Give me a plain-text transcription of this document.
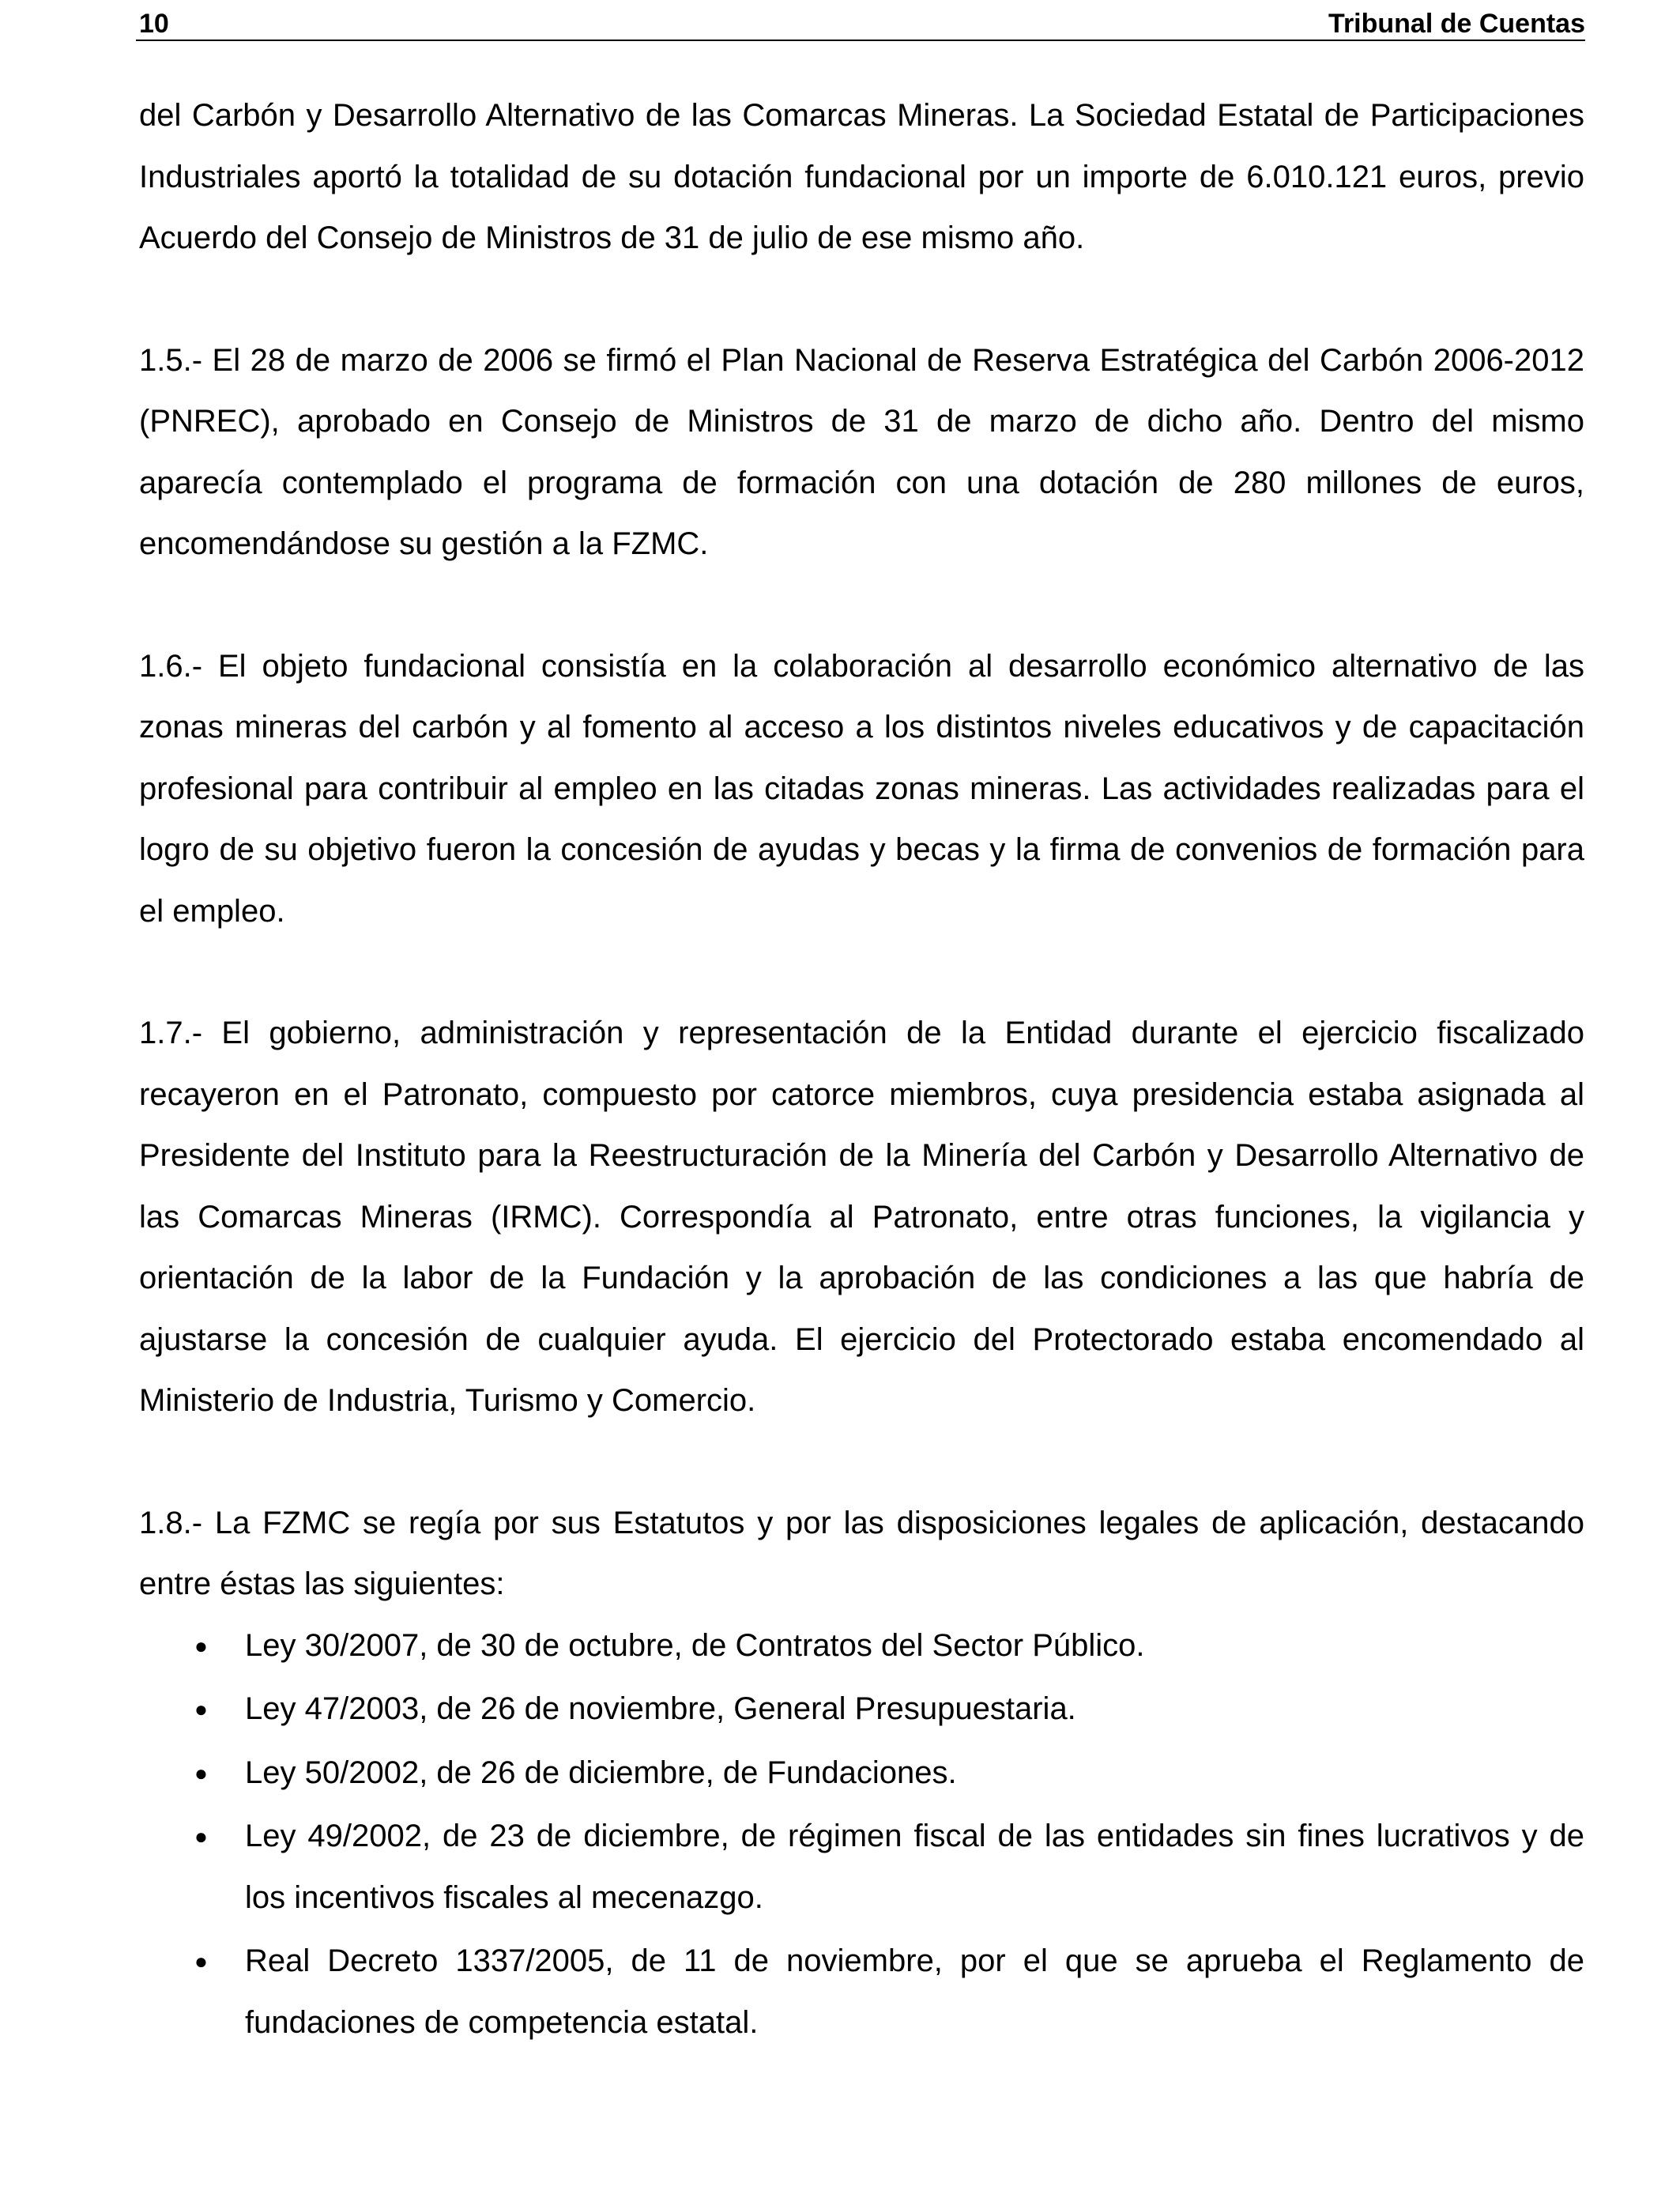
10	Tribunal de Cuentas

del Carbón y Desarrollo Alternativo de las Comarcas Mineras. La Sociedad Estatal de Participaciones Industriales aportó la totalidad de su dotación fundacional por un importe de 6.010.121 euros, previo Acuerdo del Consejo de Ministros de 31 de julio de ese mismo año.

1.5.- El 28 de marzo de 2006 se firmó el Plan Nacional de Reserva Estratégica del Carbón 2006-2012 (PNREC), aprobado en Consejo de Ministros de 31 de marzo de dicho año. Dentro del mismo aparecía contemplado el programa de formación con una dotación de 280 millones de euros, encomendándose su gestión a la FZMC.

1.6.- El objeto fundacional consistía en la colaboración al desarrollo económico alternativo de las zonas mineras del carbón y al fomento al acceso a los distintos niveles educativos y de capacitación profesional para contribuir al empleo en las citadas zonas mineras. Las actividades realizadas para el logro de su objetivo fueron la concesión de ayudas y becas y la firma de convenios de formación para el empleo.

1.7.- El gobierno, administración y representación de la Entidad durante el ejercicio fiscalizado recayeron en el Patronato, compuesto por catorce miembros, cuya presidencia estaba asignada al Presidente del Instituto para la Reestructuración de la Minería del Carbón y Desarrollo Alternativo de las Comarcas Mineras (IRMC). Correspondía al Patronato, entre otras funciones, la vigilancia y orientación de la labor de la Fundación y la aprobación de las condiciones a las que habría de ajustarse la concesión de cualquier ayuda. El ejercicio del Protectorado estaba encomendado al Ministerio de Industria, Turismo y Comercio.

1.8.- La FZMC se regía por sus Estatutos y por las disposiciones legales de aplicación, destacando entre éstas las siguientes:

● Ley 30/2007, de 30 de octubre, de Contratos del Sector Público.
● Ley 47/2003, de 26 de noviembre, General Presupuestaria.
● Ley 50/2002, de 26 de diciembre, de Fundaciones.
● Ley 49/2002, de 23 de diciembre, de régimen fiscal de las entidades sin fines lucrativos y de los incentivos fiscales al mecenazgo.
● Real Decreto 1337/2005, de 11 de noviembre, por el que se aprueba el Reglamento de fundaciones de competencia estatal.
